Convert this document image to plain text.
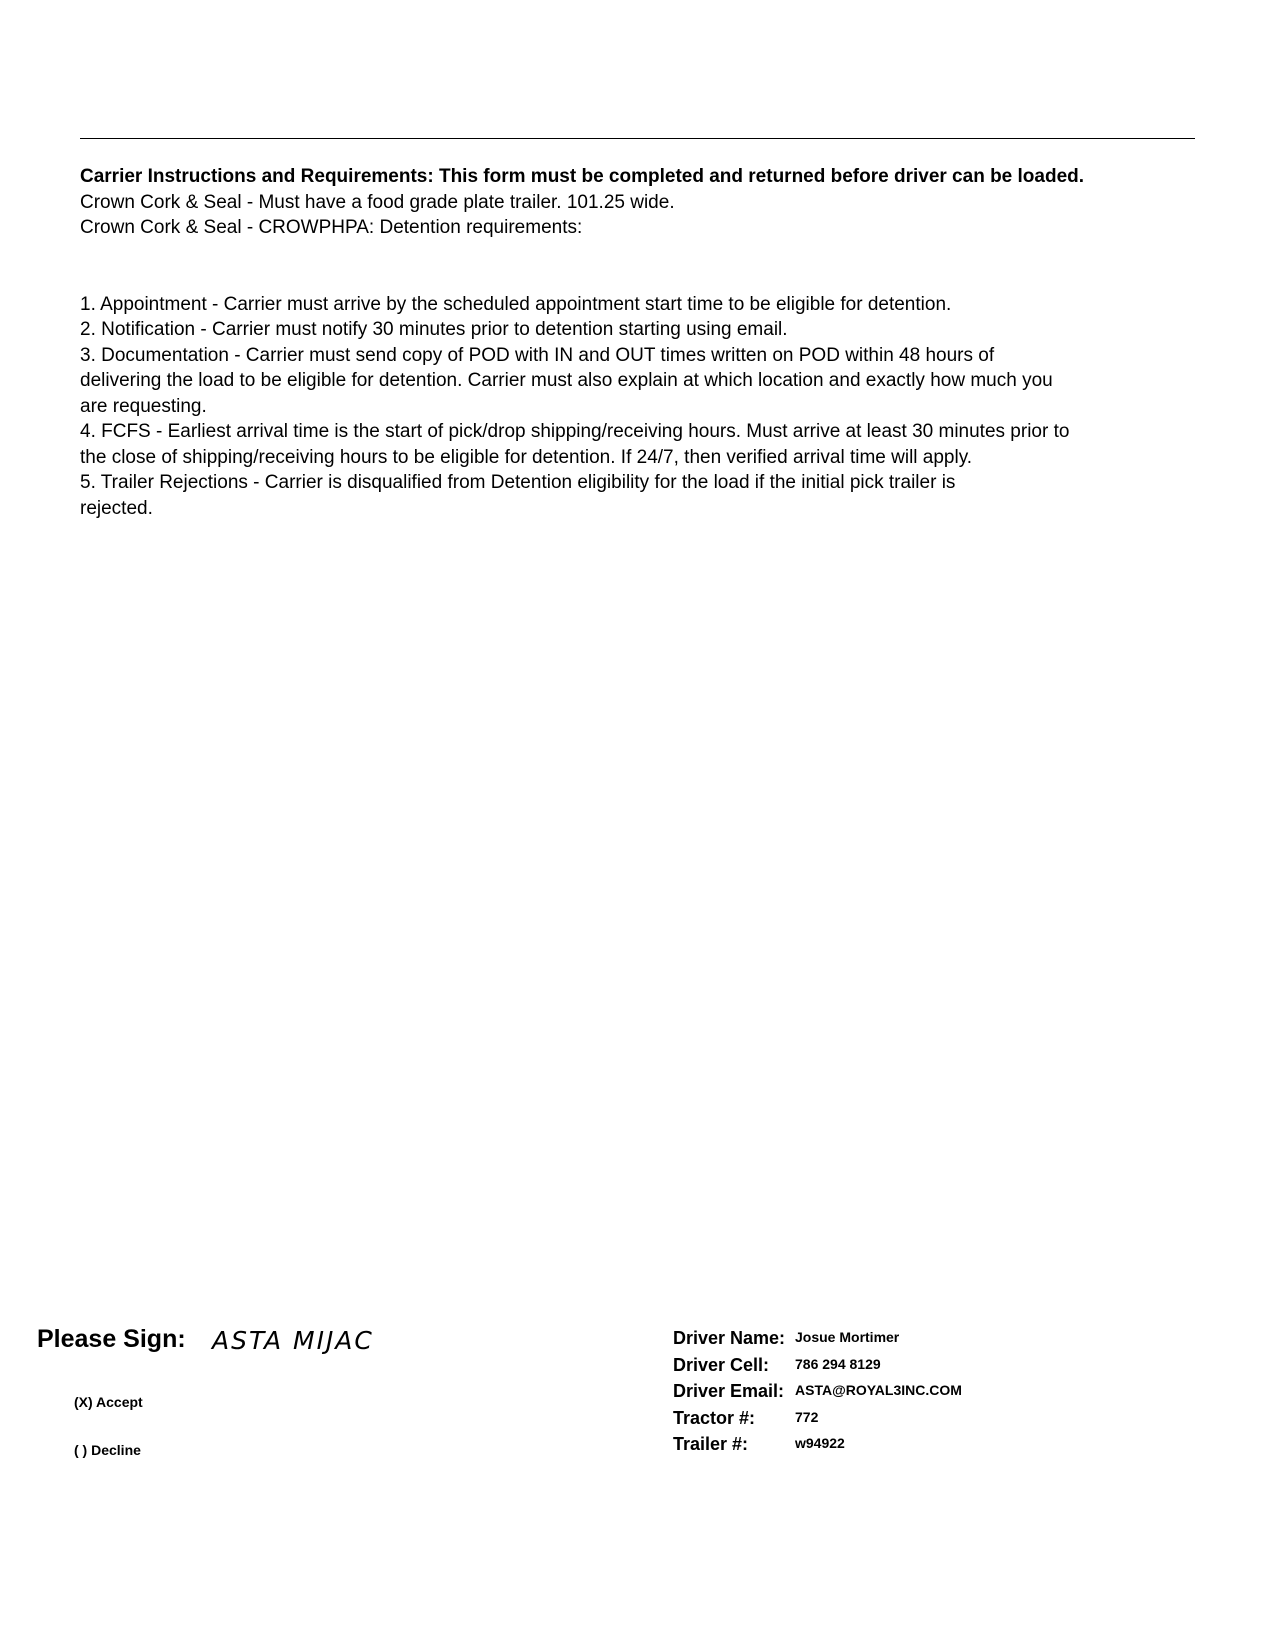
Carrier Instructions and Requirements: This form must be completed and returned before driver can be loaded.

Crown Cork & Seal - Must have a food grade plate trailer. 101.25 wide.

Crown Cork & Seal - CROWPHPA: Detention requirements:

1. Appointment - Carrier must arrive by the scheduled appointment start time to be eligible for detention.

2. Notification - Carrier must notify 30 minutes prior to detention starting using email.

3. Documentation - Carrier must send copy of POD with IN and OUT times written on POD within 48 hours of delivering the load to be eligible for detention. Carrier must also explain at which location and exactly how much you are requesting.

4. FCFS - Earliest arrival time is the start of pick/drop shipping/receiving hours. Must arrive at least 30 minutes prior to the close of shipping/receiving hours to be eligible for detention. If 24/7, then verified arrival time will apply.

5. Trailer Rejections - Carrier is disqualified from Detention eligibility for the load if the initial pick trailer is rejected.

Please Sign: ASTA MIJAC
(X) Accept
( ) Decline
Driver Name: Josue Mortimer
Driver Cell:	786 294 8129
Driver Email: ASTA@ROYAL3INC.COM
Tractor #:	772
Trailer #:	w94922
